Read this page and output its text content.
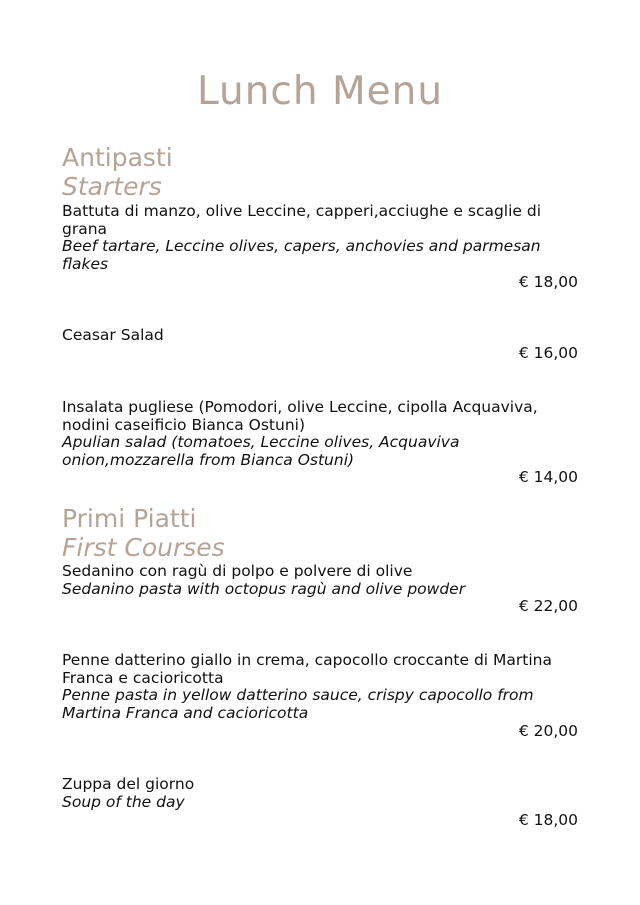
Lunch Menu
Antipasti
Starters
Battuta di manzo, olive Leccine, capperi,acciughe e scaglie di grana
Beef tartare, Leccine olives, capers, anchovies and parmesan flakes
€ 18,00
Ceasar Salad
€ 16,00
Insalata pugliese (Pomodori, olive Leccine, cipolla Acquaviva, nodini caseificio Bianca Ostuni)
Apulian salad (tomatoes, Leccine olives, Acquaviva onion,mozzarella from Bianca Ostuni)
€ 14,00
Primi Piatti
First Courses
Sedanino con ragù di polpo e polvere di olive
Sedanino pasta with octopus ragù and olive powder
€ 22,00
Penne datterino giallo in crema, capocollo croccante di Martina Franca e cacioricotta
Penne pasta in yellow datterino sauce, crispy capocollo from Martina Franca and cacioricotta
€ 20,00
Zuppa del giorno
Soup of the day
€ 18,00
